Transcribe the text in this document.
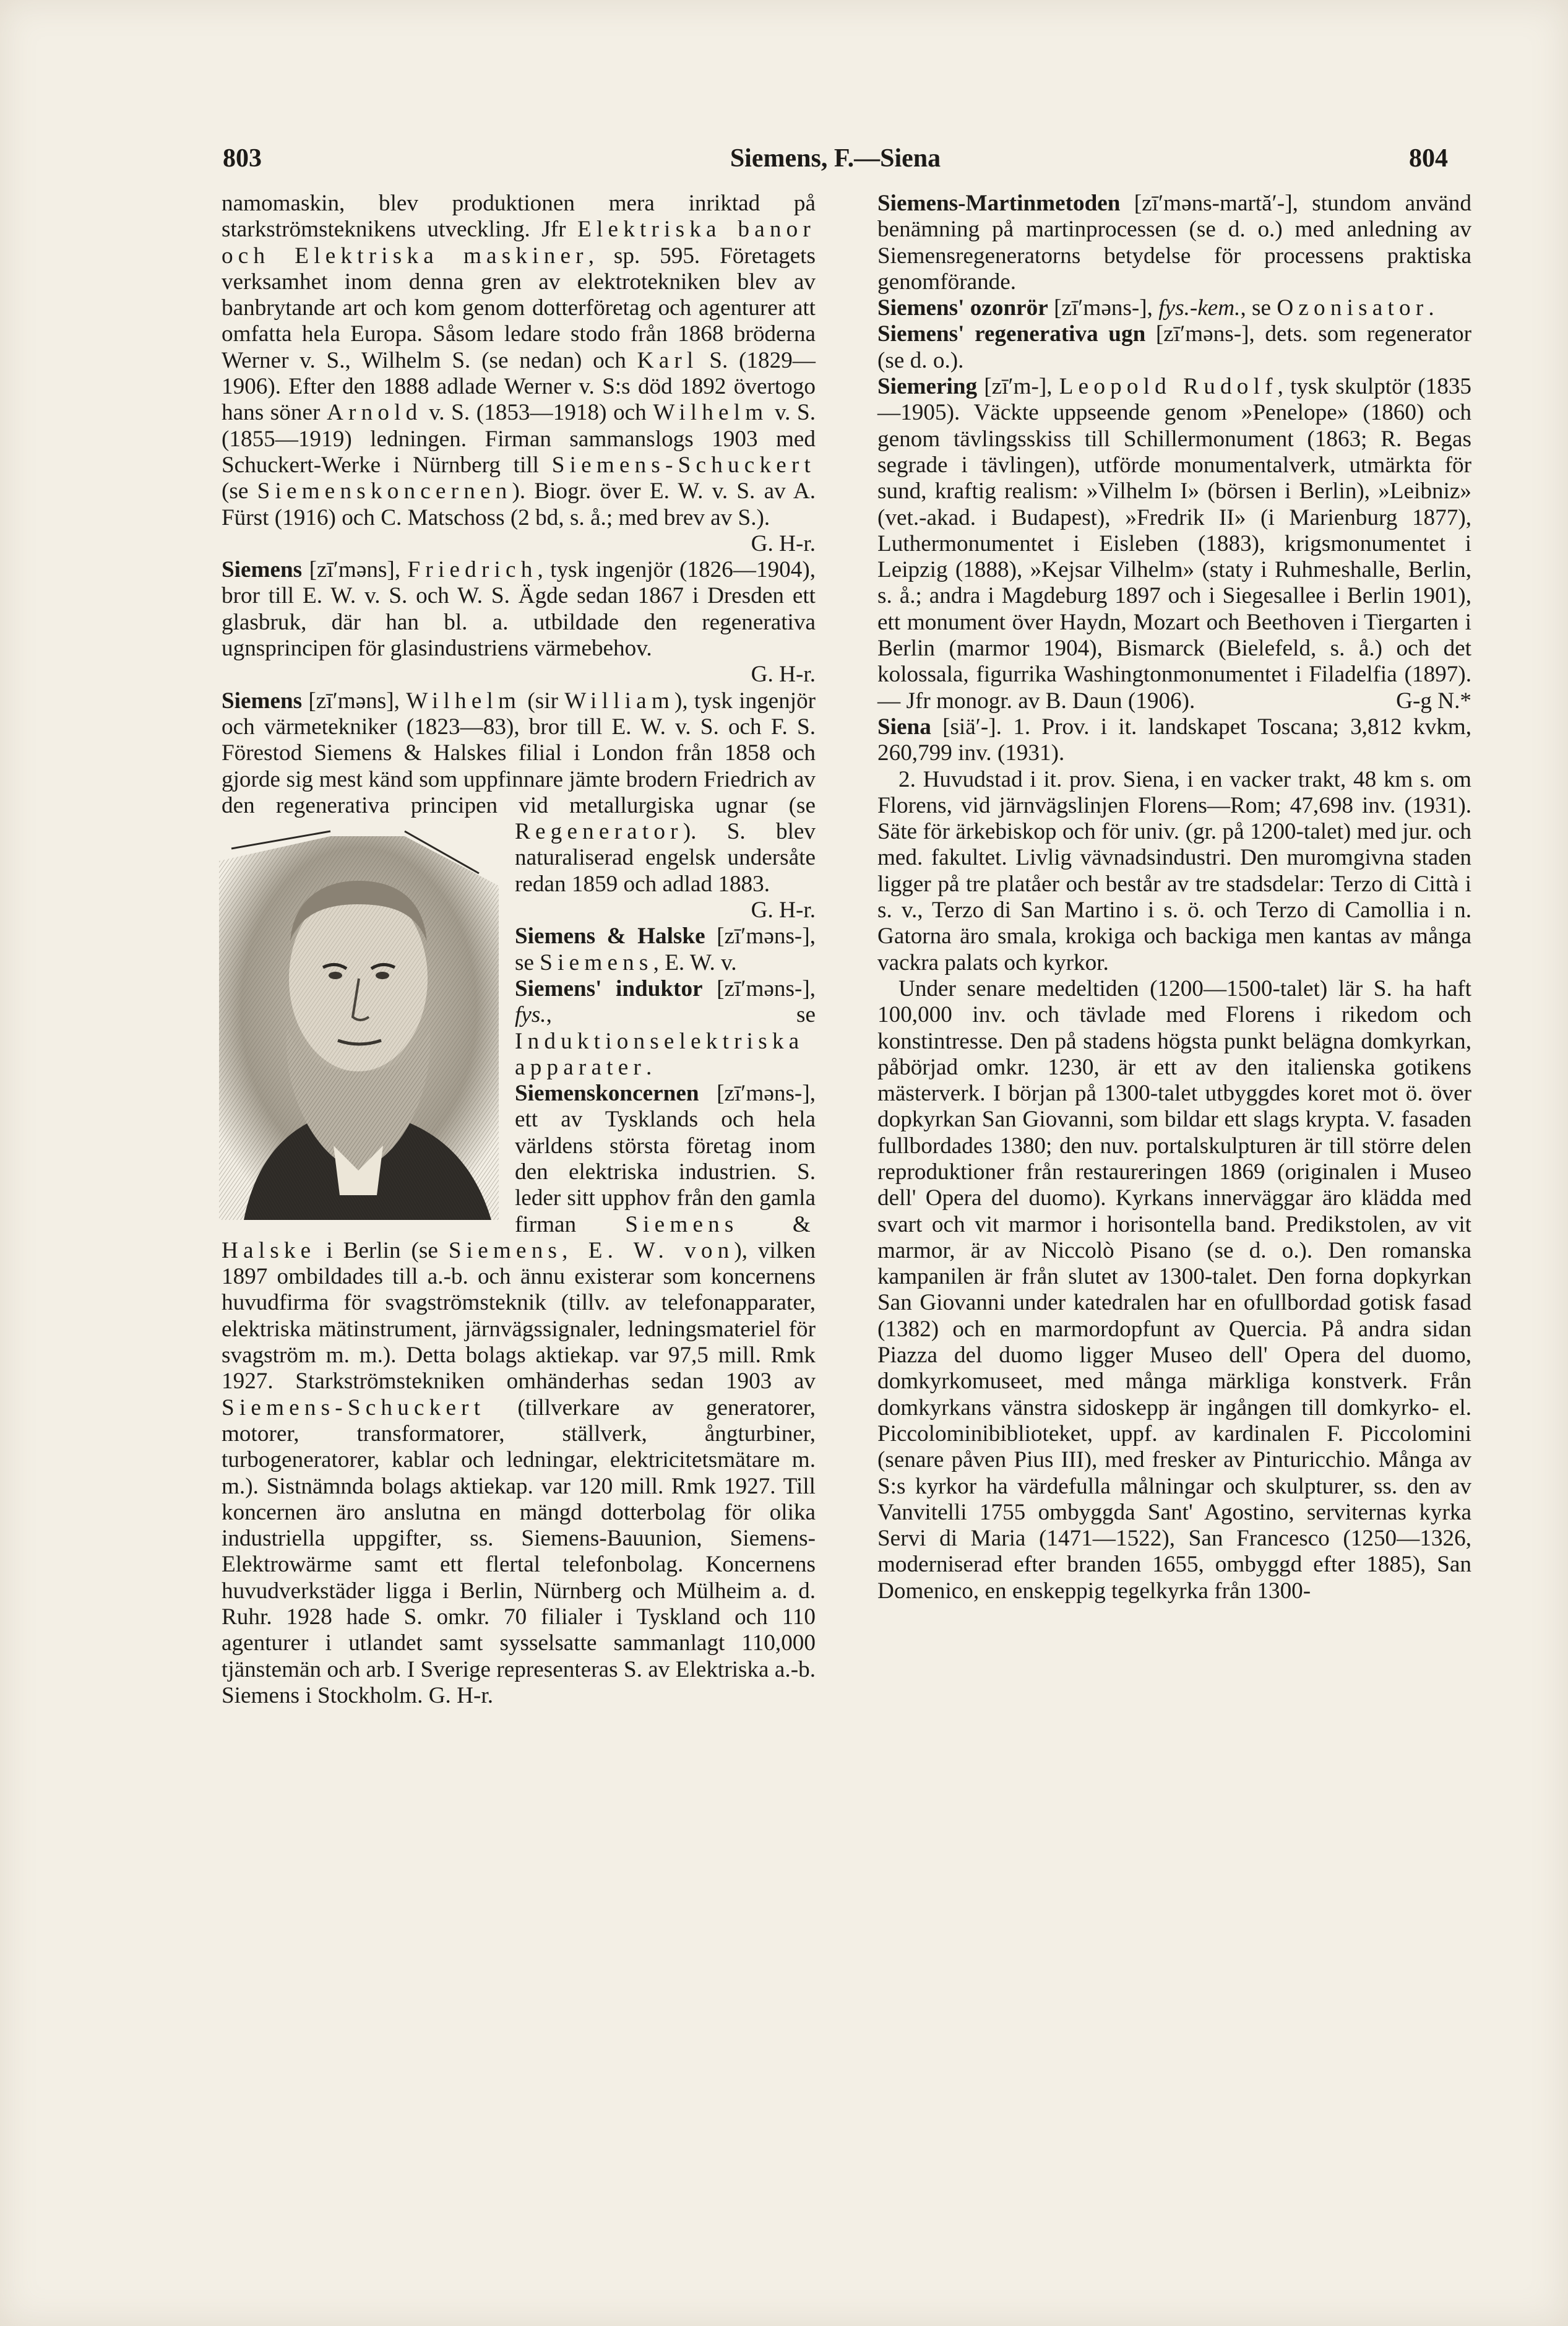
803	Siemens, F.—Siena	804

namomaskin, blev produktionen mera inriktad på starkströmsteknikens utveckling. Jfr Elektriska banor och Elektriska maskiner, sp. 595. Företagets verksamhet inom denna gren av elektrotekniken blev av banbrytande art och kom genom dotterföretag och agenturer att omfatta hela Europa. Såsom ledare stodo från 1868 bröderna Werner v. S., Wilhelm S. (se nedan) och Karl S. (1829—1906). Efter den 1888 adlade Werner v. S:s död 1892 övertogo hans söner Arnold v. S. (1853—1918) och Wilhelm v. S. (1855—1919) ledningen. Firman sammanslogs 1903 med Schuckert-Werke i Nürnberg till Siemens-Schuckert (se Siemenskoncernen). Biogr. över E. W. v. S. av A. Fürst (1916) och C. Matschoss (2 bd, s. å.; med brev av S.).
G. H-r.

Siemens [zī′məns], Friedrich, tysk ingenjör (1826—1904), bror till E. W. v. S. och W. S. Ägde sedan 1867 i Dresden ett glasbruk, där han bl. a. utbildade den regenerativa ugnsprincipen för glasindustriens värmebehov.
G. H-r.

Siemens [zī′məns], Wilhelm (sir William), tysk ingenjör och värmetekniker (1823—83), bror till E. W. v. S. och F. S. Förestod Siemens & Halskes filial i London från 1858 och gjorde sig mest känd som uppfinnare jämte brodern Friedrich av den regenerativa principen vid metallurgiska ugnar (se
Regenerator). S. blev naturaliserad engelsk undersåte redan 1859 och adlad 1883.
G. H-r.

Siemens & Halske [zī′məns-], se Siemens, E. W. v.

Siemens' induktor [zī′məns-], fys., se Induktionselektriska apparater.

Siemenskoncernen [zī′məns-], ett av Tysklands och hela världens största företag inom den elektriska industrien. S. leder sitt upphov från den gamla firman Siemens & Halske i Berlin (se Siemens, E. W. von), vilken 1897 ombildades till a.-b. och ännu existerar som koncernens huvudfirma för svagströmsteknik (tillv. av telefonapparater, elektriska mätinstrument, järnvägssignaler, ledningsmateriel för svagström m. m.). Detta bolags aktiekap. var 97,5 mill. Rmk 1927. Starkströmstekniken omhänderhas sedan 1903 av Siemens-Schuckert (tillverkare av generatorer, motorer, transformatorer, ställverk, ångturbiner, turbogeneratorer, kablar och ledningar, elektricitetsmätare m. m.). Sistnämnda bolags aktiekap. var 120 mill. Rmk 1927. Till koncernen äro anslutna en mängd dotterbolag för olika industriella uppgifter, ss. Siemens-Bauunion, Siemens-Elektrowärme samt ett flertal telefonbolag. Koncernens huvudverkstäder ligga i Berlin, Nürnberg och Mülheim a. d. Ruhr. 1928 hade S. omkr. 70 filialer i Tyskland och 110 agenturer i utlandet samt sysselsatte sammanlagt 110,000 tjänstemän och arb. I Sverige representeras S. av Elektriska a.-b. Siemens i Stockholm. G. H-r.

Siemens-Martinmetoden [zī′məns-martă′-], stundom använd benämning på martinprocessen (se d. o.) med anledning av Siemensregeneratorns betydelse för processens praktiska genomförande.

Siemens' ozonrör [zī′məns-], fys.-kem., se Ozonisator.

Siemens' regenerativa ugn [zī′məns-], dets. som regenerator (se d. o.).

Siemering [zī′m-], Leopold Rudolf, tysk skulptör (1835—1905). Väckte uppseende genom »Penelope» (1860) och genom tävlingsskiss till Schillermonument (1863; R. Begas segrade i tävlingen), utförde monumentalverk, utmärkta för sund, kraftig realism: »Vilhelm I» (börsen i Berlin), »Leibniz» (vet.-akad. i Budapest), »Fredrik II» (i Marienburg 1877), Luthermonumentet i Eisleben (1883), krigsmonumentet i Leipzig (1888), »Kejsar Vilhelm» (staty i Ruhmeshalle, Berlin, s. å.; andra i Magdeburg 1897 och i Siegesallee i Berlin 1901), ett monument över Haydn, Mozart och Beethoven i Tiergarten i Berlin (marmor 1904), Bismarck (Bielefeld, s. å.) och det kolossala, figurrika Washingtonmonumentet i Filadelfia (1897). — Jfr monogr. av B. Daun (1906).	G-g N.*

Siena [siä′-]. 1. Prov. i it. landskapet Toscana; 3,812 kvkm, 260,799 inv. (1931).

2. Huvudstad i it. prov. Siena, i en vacker trakt, 48 km s. om Florens, vid järnvägslinjen Florens—Rom; 47,698 inv. (1931). Säte för ärkebiskop och för univ. (gr. på 1200-talet) med jur. och med. fakultet. Livlig vävnadsindustri. Den muromgivna staden ligger på tre platåer och består av tre stadsdelar: Terzo di Città i s. v., Terzo di San Martino i s. ö. och Terzo di Camollia i n. Gatorna äro smala, krokiga och backiga men kantas av många vackra palats och kyrkor.

Under senare medeltiden (1200—1500-talet) lär S. ha haft 100,000 inv. och tävlade med Florens i rikedom och konstintresse. Den på stadens högsta punkt belägna domkyrkan, påbörjad omkr. 1230, är ett av den italienska gotikens mästerverk. I början på 1300-talet utbyggdes koret mot ö. över dopkyrkan San Giovanni, som bildar ett slags krypta. V. fasaden fullbordades 1380; den nuv. portalskulpturen är till större delen reproduktioner från restaureringen 1869 (originalen i Museo dell' Opera del duomo). Kyrkans innerväggar äro klädda med svart och vit marmor i horisontella band. Predikstolen, av vit marmor, är av Niccolò Pisano (se d. o.). Den romanska kampanilen är från slutet av 1300-talet. Den forna dopkyrkan San Giovanni under katedralen har en ofullbordad gotisk fasad (1382) och en marmordopfunt av Quercia. På andra sidan Piazza del duomo ligger Museo dell' Opera del duomo, domkyrkomuseet, med många märkliga konstverk. Från domkyrkans vänstra sidoskepp är ingången till domkyrko- el. Piccolominibiblioteket, uppf. av kardinalen F. Piccolomini (senare påven Pius III), med fresker av Pinturicchio. Många av S:s kyrkor ha värdefulla målningar och skulpturer, ss. den av Vanvitelli 1755 ombyggda Sant' Agostino, serviternas kyrka Servi di Maria (1471—1522), San Francesco (1250—1326, moderniserad efter branden 1655, ombyggd efter 1885), San Domenico, en enskeppig tegelkyrka från 1300-
